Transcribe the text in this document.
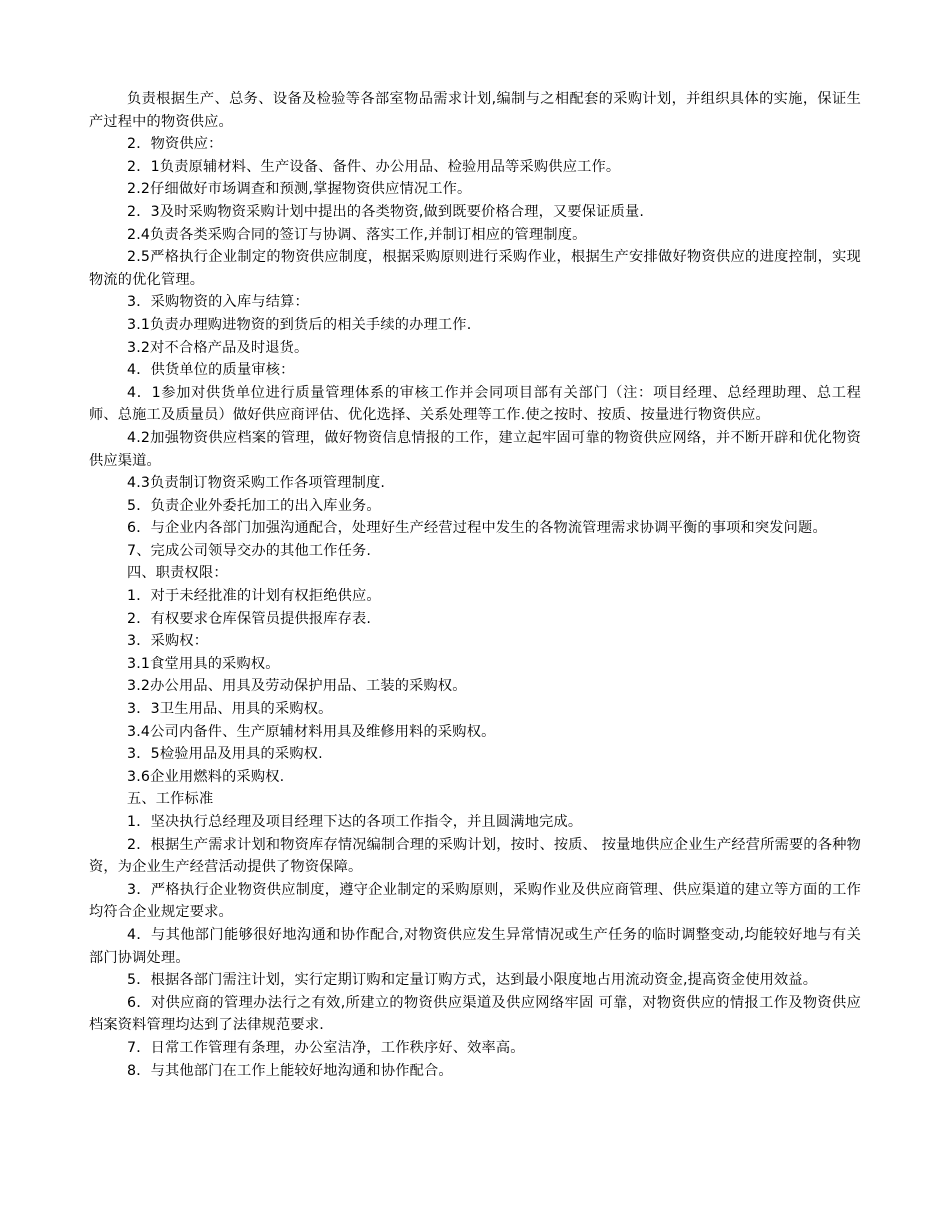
负责根据生产、总务、设备及检验等各部室物品需求计划,编制与之相配套的采购计划，并组织具体的实施，保证生产过程中的物资供应。

2．物资供应：

2．1负责原辅材料、生产设备、备件、办公用品、检验用品等采购供应工作。

2.2仔细做好市场调查和预测,掌握物资供应情况工作。

2．3及时采购物资采购计划中提出的各类物资,做到既要价格合理，又要保证质量.

2.4负责各类采购合同的签订与协调、落实工作,并制订相应的管理制度。

2.5严格执行企业制定的物资供应制度，根据采购原则进行采购作业，根据生产安排做好物资供应的进度控制，实现物流的优化管理。

3．采购物资的入库与结算：

3.1负责办理购进物资的到货后的相关手续的办理工作.

3.2对不合格产品及时退货。

4．供货单位的质量审核：

4．1参加对供货单位进行质量管理体系的审核工作并会同项目部有关部门（注：项目经理、总经理助理、总工程师、总施工及质量员）做好供应商评估、优化选择、关系处理等工作.使之按时、按质、按量进行物资供应。

4.2加强物资供应档案的管理，做好物资信息情报的工作，建立起牢固可靠的物资供应网络，并不断开辟和优化物资供应渠道。

4.3负责制订物资采购工作各项管理制度.

5．负责企业外委托加工的出入库业务。

6．与企业内各部门加强沟通配合，处理好生产经营过程中发生的各物流管理需求协调平衡的事项和突发问题。

7、完成公司领导交办的其他工作任务.

四、职责权限：

1．对于未经批准的计划有权拒绝供应。

2．有权要求仓库保管员提供报库存表.

3．采购权：

3.1食堂用具的采购权。

3.2办公用品、用具及劳动保护用品、工装的采购权。

3．3卫生用品、用具的采购权。

3.4公司内备件、生产原辅材料用具及维修用料的采购权。

3．5检验用品及用具的采购权.

3.6企业用燃料的采购权.

五、工作标准

1．坚决执行总经理及项目经理下达的各项工作指令，并且圆满地完成。

2．根据生产需求计划和物资库存情况编制合理的采购计划，按时、按质、 按量地供应企业生产经营所需要的各种物资，为企业生产经营活动提供了物资保障。

3．严格执行企业物资供应制度，遵守企业制定的采购原则，采购作业及供应商管理、供应渠道的建立等方面的工作均符合企业规定要求。

4．与其他部门能够很好地沟通和协作配合,对物资供应发生异常情况或生产任务的临时调整变动,均能较好地与有关部门协调处理。

5．根据各部门需注计划，实行定期订购和定量订购方式，达到最小限度地占用流动资金,提高资金使用效益。

6．对供应商的管理办法行之有效,所建立的物资供应渠道及供应网络牢固 可靠，对物资供应的情报工作及物资供应档案资料管理均达到了法律规范要求.

7．日常工作管理有条理，办公室洁净，工作秩序好、效率高。

8．与其他部门在工作上能较好地沟通和协作配合。
